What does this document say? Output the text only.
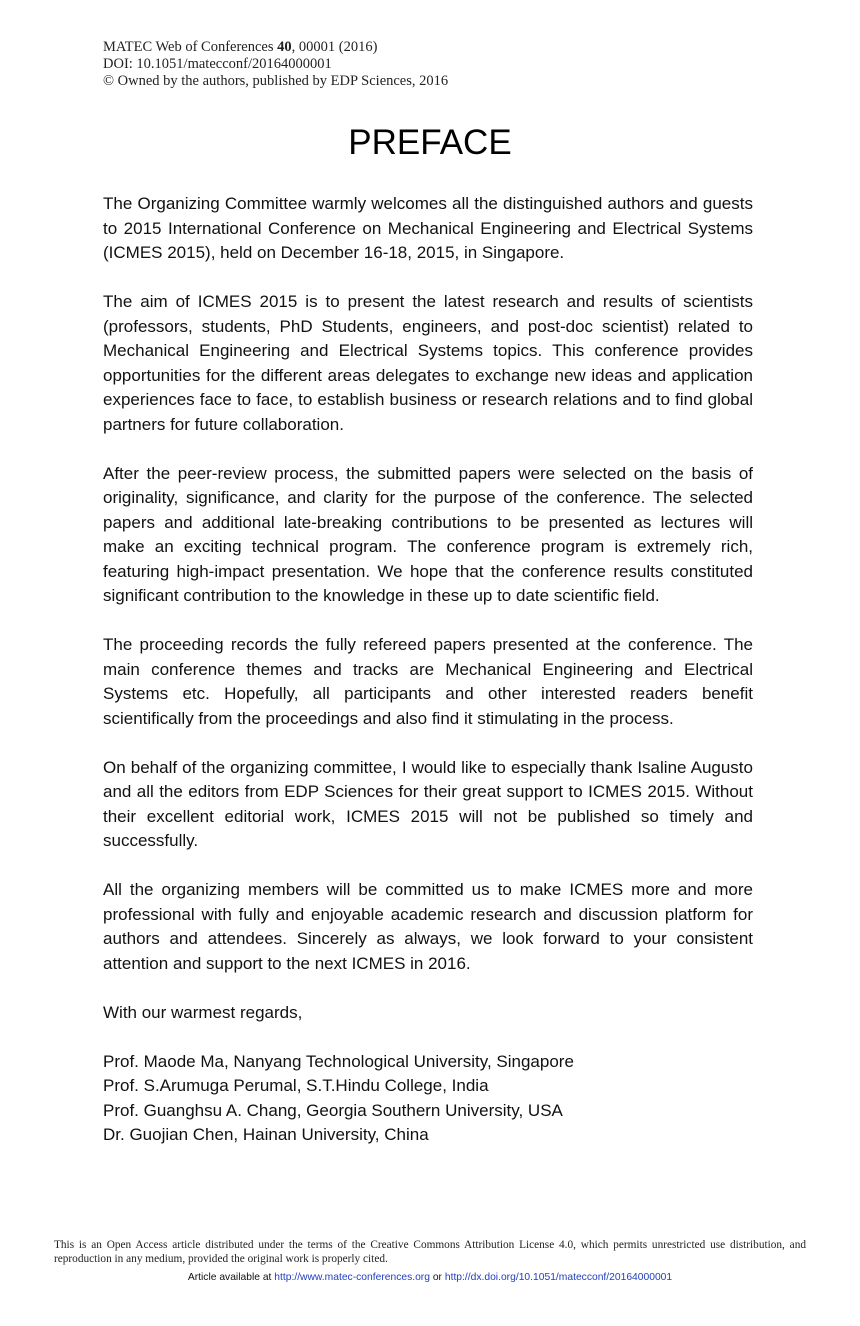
MATEC Web of Conferences 40, 00001 (2016)
DOI: 10.1051/matecconf/20164000001
© Owned by the authors, published by EDP Sciences, 2016
PREFACE

The Organizing Committee warmly welcomes all the distinguished authors and guests to 2015 International Conference on Mechanical Engineering and Electrical Systems (ICMES 2015), held on December 16-18, 2015, in Singapore.

The aim of ICMES 2015 is to present the latest research and results of scientists (professors, students, PhD Students, engineers, and post-doc scientist) related to Mechanical Engineering and Electrical Systems topics. This conference provides opportunities for the different areas delegates to exchange new ideas and application experiences face to face, to establish business or research relations and to find global partners for future collaboration.

After the peer-review process, the submitted papers were selected on the basis of originality, significance, and clarity for the purpose of the conference. The selected papers and additional late-breaking contributions to be presented as lectures will make an exciting technical program. The conference program is extremely rich, featuring high-impact presentation. We hope that the conference results constituted significant contribution to the knowledge in these up to date scientific field.

The proceeding records the fully refereed papers presented at the conference. The main conference themes and tracks are Mechanical Engineering and Electrical Systems etc. Hopefully, all participants and other interested readers benefit scientifically from the proceedings and also find it stimulating in the process.

On behalf of the organizing committee, I would like to especially thank Isaline Augusto and all the editors from EDP Sciences for their great support to ICMES 2015. Without their excellent editorial work, ICMES 2015 will not be published so timely and successfully.

All the organizing members will be committed us to make ICMES more and more professional with fully and enjoyable academic research and discussion platform for authors and attendees. Sincerely as always, we look forward to your consistent attention and support to the next ICMES in 2016.

With our warmest regards,

Prof. Maode Ma, Nanyang Technological University, Singapore
Prof. S.Arumuga Perumal, S.T.Hindu College, India
Prof. Guanghsu A. Chang, Georgia Southern University, USA
Dr. Guojian Chen, Hainan University, China
This is an Open Access article distributed under the terms of the Creative Commons Attribution License 4.0, which permits unrestricted use distribution, and reproduction in any medium, provided the original work is properly cited.
Article available at http://www.matec-conferences.org or http://dx.doi.org/10.1051/matecconf/20164000001
